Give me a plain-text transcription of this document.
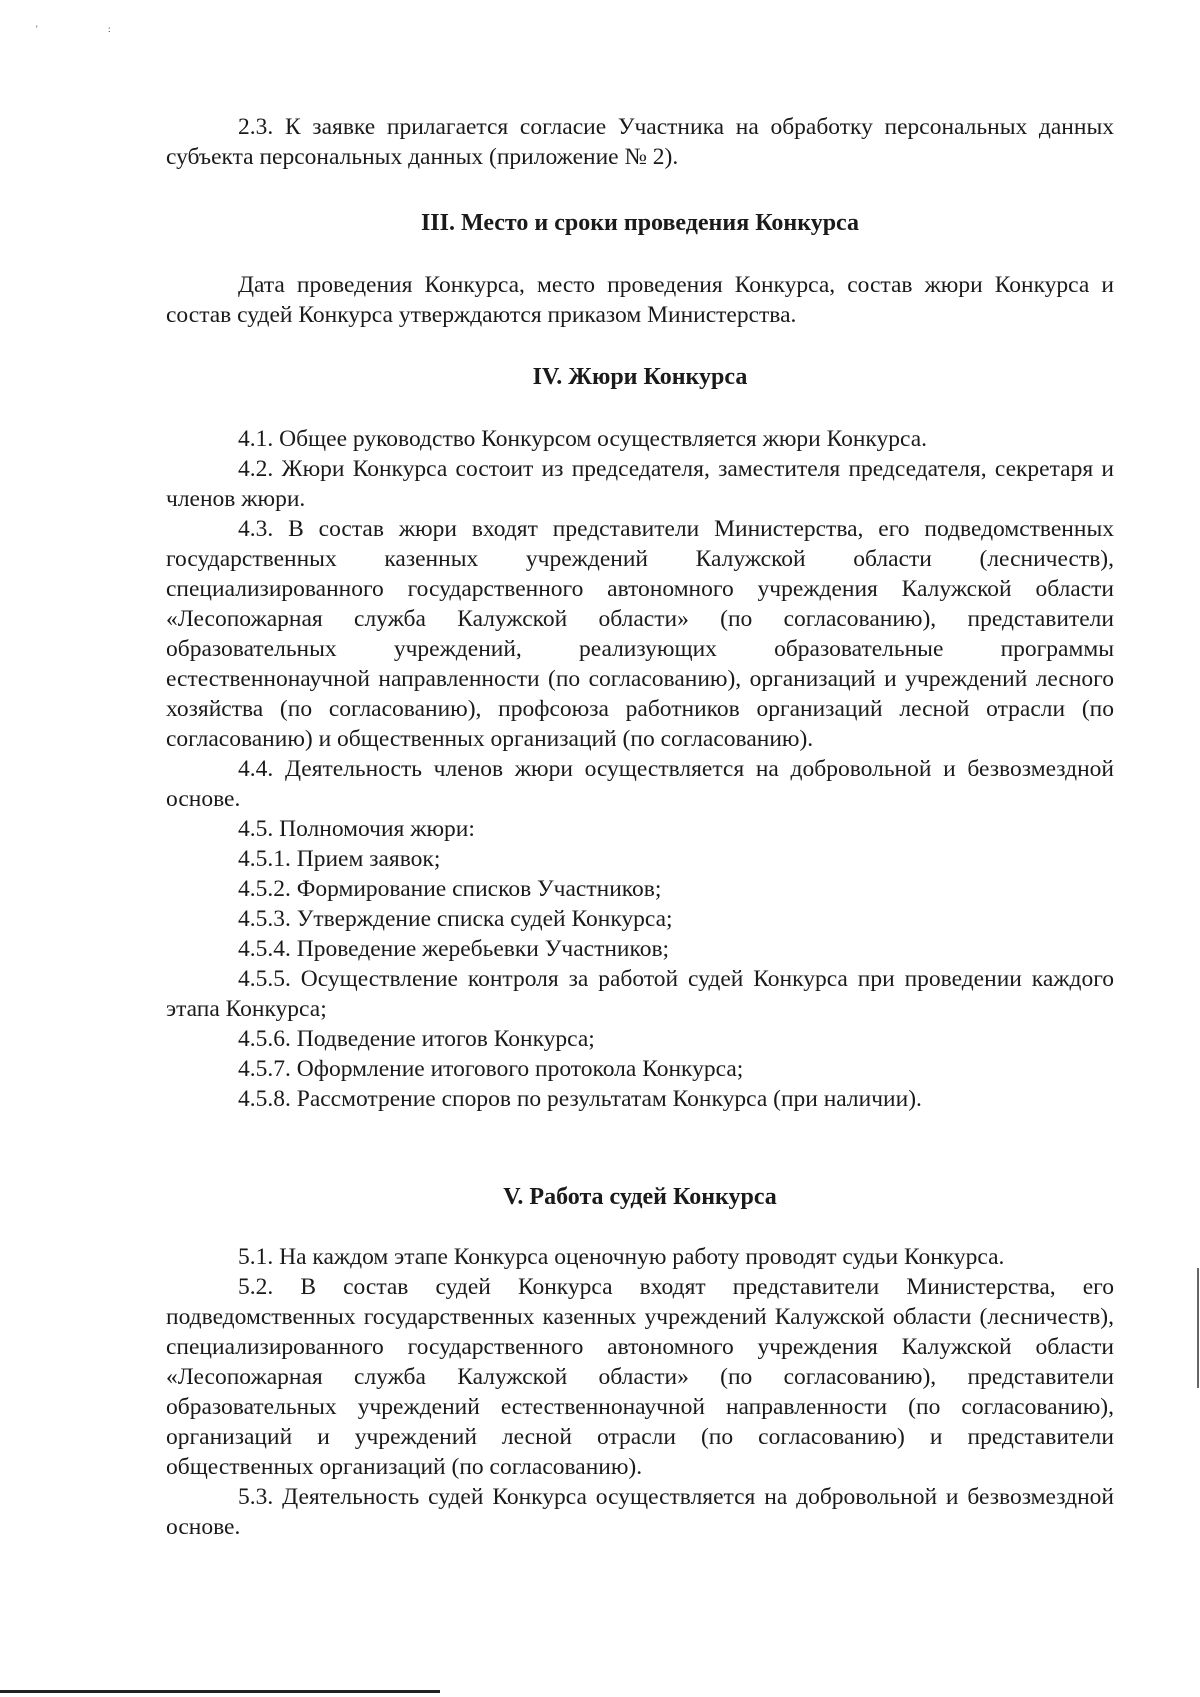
'	:

2.3. К заявке прилагается согласие Участника на обработку персональных данных субъекта персональных данных (приложение № 2).

III. Место и сроки проведения Конкурса

Дата проведения Конкурса, место проведения Конкурса, состав жюри Конкурса и состав судей Конкурса утверждаются приказом Министерства.

IV. Жюри Конкурса

4.1. Общее руководство Конкурсом осуществляется жюри Конкурса.

4.2. Жюри Конкурса состоит из председателя, заместителя председателя, секретаря и членов жюри.

4.3. В состав жюри входят представители Министерства, его подведомственных государственных казенных учреждений Калужской области (лесничеств), специализированного государственного автономного учреждения Калужской области «Лесопожарная служба Калужской области» (по согласованию), представители образовательных учреждений, реализующих образовательные программы естественнонаучной направленности (по согласованию), организаций и учреждений лесного хозяйства (по согласованию), профсоюза работников организаций лесной отрасли (по согласованию) и общественных организаций (по согласованию).

4.4. Деятельность членов жюри осуществляется на добровольной и безвозмездной основе.

4.5. Полномочия жюри:

4.5.1. Прием заявок;

4.5.2. Формирование списков Участников;

4.5.3. Утверждение списка судей Конкурса;

4.5.4. Проведение жеребьевки Участников;

4.5.5. Осуществление контроля за работой судей Конкурса при проведении каждого этапа Конкурса;

4.5.6. Подведение итогов Конкурса;

4.5.7. Оформление итогового протокола Конкурса;

4.5.8. Рассмотрение споров по результатам Конкурса (при наличии).

V. Работа судей Конкурса

5.1. На каждом этапе Конкурса оценочную работу проводят судьи Конкурса.

5.2. В состав судей Конкурса входят представители Министерства, его подведомственных государственных казенных учреждений Калужской области (лесничеств), специализированного государственного автономного учреждения Калужской области «Лесопожарная служба Калужской области» (по согласованию), представители образовательных учреждений естественнонаучной направленности (по согласованию), организаций и учреждений лесной отрасли (по согласованию) и представители общественных организаций (по согласованию).

5.3. Деятельность судей Конкурса осуществляется на добровольной и безвозмездной основе.
